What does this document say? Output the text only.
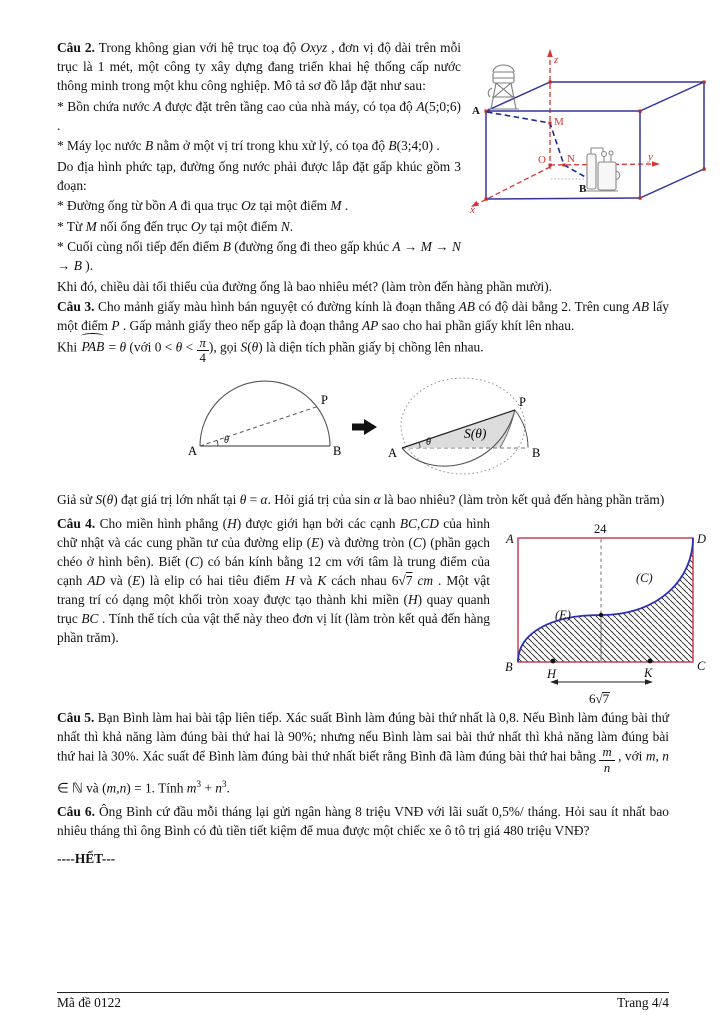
A
B
M
N
O
z
y
x

Câu 2. Trong không gian với hệ trục toạ độ Oxyz , đơn vị độ dài trên mỗi trục là 1 mét, một công ty xây dựng đang triển khai hệ thống cấp nước thông minh trong một khu công nghiệp. Mô tả sơ đồ lắp đặt như sau:

* Bồn chứa nước A được đặt trên tầng cao của nhà máy, có tọa độ A(5;0;6) .

* Máy lọc nước B nằm ở một vị trí trong khu xử lý, có tọa độ B(3;4;0) .

Do địa hình phức tạp, đường ống nước phải được lắp đặt gấp khúc gồm 3 đoạn:

* Đường ống từ bồn A đi qua trục Oz tại một điểm M .

* Từ M nối ống đến trục Oy tại một điểm N.

* Cuối cùng nối tiếp đến điểm B (đường ống đi theo gấp khúc A → M → N → B ).

Khi đó, chiều dài tối thiểu của đường ống là bao nhiêu mét? (làm tròn đến hàng phần mười).

Câu 3. Cho mảnh giấy màu hình bán nguyệt có đường kính là đoạn thẳng AB có độ dài bằng 2. Trên cung AB lấy một điểm P . Gấp mảnh giấy theo nếp gấp là đoạn thẳng AP sao cho hai phần giấy khít lên nhau.

Khi PAB = θ (với $0 < \theta < \frac{\pi}{4}$ ), gọi S(θ) là diện tích phần giấy bị chồng lên nhau.

A	B
P
θ
A	B
P
θ
S(θ)

Giả sử S(θ) đạt giá trị lớn nhất tại θ = α. Hỏi giá trị của sin α là bao nhiêu? (làm tròn kết quả đến hàng phần trăm)

A	D
B	C
H	K
24
6√7
(E)
(C)

Câu 4. Cho miền hình phẳng (H) được giới hạn bởi các cạnh BC,CD của hình chữ nhật và các cung phần tư của đường elip (E) và đường tròn (C) (phần gạch chéo ở hình bên). Biết (C) có bán kính bằng 12 cm với tâm là trung điểm của cạnh AD và (E) là elip có hai tiêu điểm H và K cách nhau 6√7 cm . Một vật trang trí có dạng một khối tròn xoay được tạo thành khi miền (H) quay quanh trục BC . Tính thể tích của vật thể này theo đơn vị lít (làm tròn kết quả đến hàng phần trăm).

Câu 5. Bạn Bình làm hai bài tập liên tiếp. Xác suất Bình làm đúng bài thứ nhất là 0,8. Nếu Bình làm đúng bài thứ nhất thì khả năng làm đúng bài thứ hai là 90%; nhưng nếu Bình làm sai bài thứ nhất thì khả năng làm đúng bài thứ hai là 30%. Xác suất để Bình làm đúng bài thứ nhất biết rằng Bình đã làm đúng bài thứ hai bằng $\frac{m}{n}$ , với m, n ∈ ℕ và (m,n) = 1. Tính $m^3 + n^3$.

Câu 6. Ông Bình cứ đầu mỗi tháng lại gửi ngân hàng 8 triệu VNĐ với lãi suất 0,5%/ tháng. Hỏi sau ít nhất bao nhiêu tháng thì ông Bình có đủ tiền tiết kiệm để mua được một chiếc xe ô tô trị giá 480 triệu VNĐ?

----HẾT---

Mã đề 0122	Trang 4/4
